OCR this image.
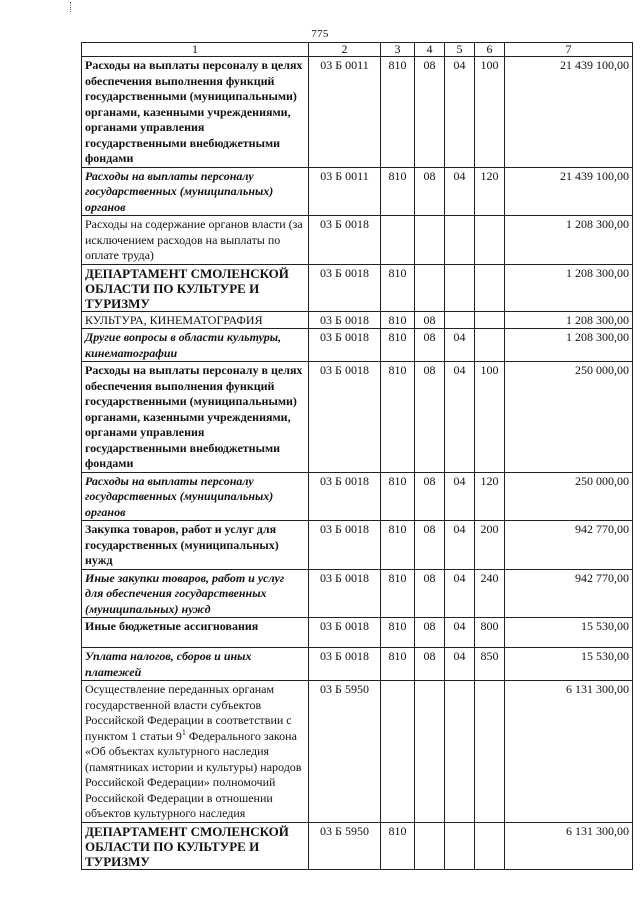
775
1	2	3	4	5	6	7
Расходы на выплаты персоналу в целях обеспечения выполнения функций государственными (муниципальными) органами, казенными учреждениями, органами управления государственными внебюджетными фондами	03 Б 0011	810	08	04	100	21 439 100,00
Расходы на выплаты персоналу государственных (муниципальных) органов	03 Б 0011	810	08	04	120	21 439 100,00
Расходы на содержание органов власти (за исключением расходов на выплаты по оплате труда)	03 Б 0018					1 208 300,00
ДЕПАРТАМЕНТ СМОЛЕНСКОЙ ОБЛАСТИ ПО КУЛЬТУРЕ И ТУРИЗМУ	03 Б 0018	810				1 208 300,00
КУЛЬТУРА, КИНЕМАТОГРАФИЯ	03 Б 0018	810	08			1 208 300,00
Другие вопросы в области культуры, кинематографии	03 Б 0018	810	08	04		1 208 300,00
Расходы на выплаты персоналу в целях обеспечения выполнения функций государственными (муниципальными) органами, казенными учреждениями, органами управления государственными внебюджетными фондами	03 Б 0018	810	08	04	100	250 000,00
Расходы на выплаты персоналу государственных (муниципальных) органов	03 Б 0018	810	08	04	120	250 000,00
Закупка товаров, работ и услуг для государственных (муниципальных) нужд	03 Б 0018	810	08	04	200	942 770,00
Иные закупки товаров, работ и услуг для обеспечения государственных (муниципальных) нужд	03 Б 0018	810	08	04	240	942 770,00
Иные бюджетные ассигнования	03 Б 0018	810	08	04	800	15 530,00
Уплата налогов, сборов и иных платежей	03 Б 0018	810	08	04	850	15 530,00
Осуществление переданных органам государственной власти субъектов Российской Федерации в соответствии с пунктом 1 статьи $9^1$ Федерального закона «Об объектах культурного наследия (памятниках истории и культуры) народов Российской Федерации» полномочий Российской Федерации в отношении объектов культурного наследия	03 Б 5950					6 131 300,00
ДЕПАРТАМЕНТ СМОЛЕНСКОЙ ОБЛАСТИ ПО КУЛЬТУРЕ И ТУРИЗМУ	03 Б 5950	810				6 131 300,00
